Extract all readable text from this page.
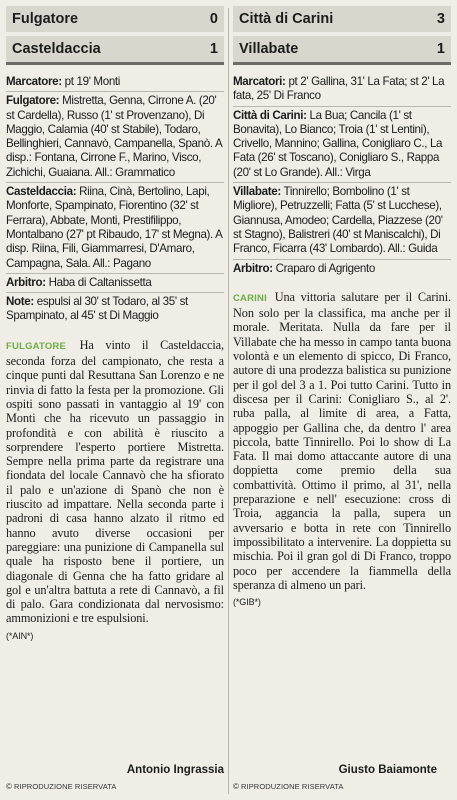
Fulgatore	0
Casteldaccia	1

Marcatore: pt 19' Monti

Fulgatore: Mistretta, Genna, Cirrone A. (20' st Cardella), Russo (1' st Provenzano), Di Maggio, Calamia (40' st Stabile), Todaro, Bellinghieri, Cannavò, Campanella, Spanò. A disp.: Fontana, Cirrone F., Marino, Visco, Zichichi, Guaiana. All.: Grammatico

Casteldaccia: Riina, Cinà, Bertolino, Lapi, Monforte, Spampinato, Fiorentino (32' st Ferrara), Abbate, Monti, Prestifilippo, Montalbano (27' pt Ribaudo, 17' st Megna). A disp. Riina, Fili, Giammarresi, D'Amaro, Campagna, Sala. All.: Pagano

Arbitro: Haba di Caltanissetta

Note: espulsi al 30' st Todaro, al 35' st Spampinato, al 45' st Di Maggio

FULGATORE Ha vinto il Casteldaccia, seconda forza del campionato, che resta a cinque punti dal Resuttana San Lorenzo e ne rinvia di fatto la festa per la promozione. Gli ospiti sono passati in vantaggio al 19' con Monti che ha ricevuto un passaggio in profondità e con abilità è riuscito a sorprendere l'esperto portiere Mistretta. Sempre nella prima parte da registrare una fiondata del locale Cannavò che ha sfiorato il palo e un'azione di Spanò che non è riuscito ad impattare. Nella seconda parte i padroni di casa hanno alzato il ritmo ed hanno avuto diverse occasioni per pareggiare: una punizione di Campanella sul quale ha risposto bene il portiere, un diagonale di Genna che ha fatto gridare al gol e un'altra battuta a rete di Cannavò, a fil di palo. Gara condizionata dal nervosismo: ammonizioni e tre espulsioni.
(*AIN*)
Città di Carini	3
Villabate	1

Marcatori: pt 2' Gallina, 31' La Fata; st 2' La fata, 25' Di Franco

Città di Carini: La Bua; Cancila (1' st Bonavita), Lo Bianco; Troia (1' st Lentini), Crivello, Mannino; Gallina, Conigliaro C., La Fata (26' st Toscano), Conigliaro S., Rappa (20' st Lo Grande). All.: Virga

Villabate: Tinnirello; Bombolino (1' st Migliore), Petruzzelli; Fatta (5' st Lucchese), Giannusa, Amodeo; Cardella, Piazzese (20' st Stagno), Balistreri (40' st Maniscalchi), Di Franco, Ficarra (43' Lombardo). All.: Guida

Arbitro: Craparo di Agrigento

CARINI Una vittoria salutare per il Carini. Non solo per la classifica, ma anche per il morale. Meritata. Nulla da fare per il Villabate che ha messo in campo tanta buona volontà e un elemento di spicco, Di Franco, autore di una prodezza balistica su punizione per il gol del 3 a 1. Poi tutto Carini. Tutto in discesa per il Carini: Conigliaro S., al 2'. ruba palla, al limite di area, a Fatta, appoggio per Gallina che, da dentro l' area piccola, batte Tinnirello. Poi lo show di La Fata. Il mai domo attaccante autore di una doppietta come premio della sua combattività. Ottimo il primo, al 31', nella preparazione e nell' esecuzione: cross di Troia, aggancia la palla, supera un avversario e botta in rete con Tinnirello impossibilitato a intervenire. La doppietta su mischia. Poi il gran gol di Di Franco, troppo poco per accendere la fiammella della speranza di almeno un pari.
(*GIB*)
Antonio Ingrassia	Giusto Baiamonte
© RIPRODUZIONE RISERVATA	© RIPRODUZIONE RISERVATA
